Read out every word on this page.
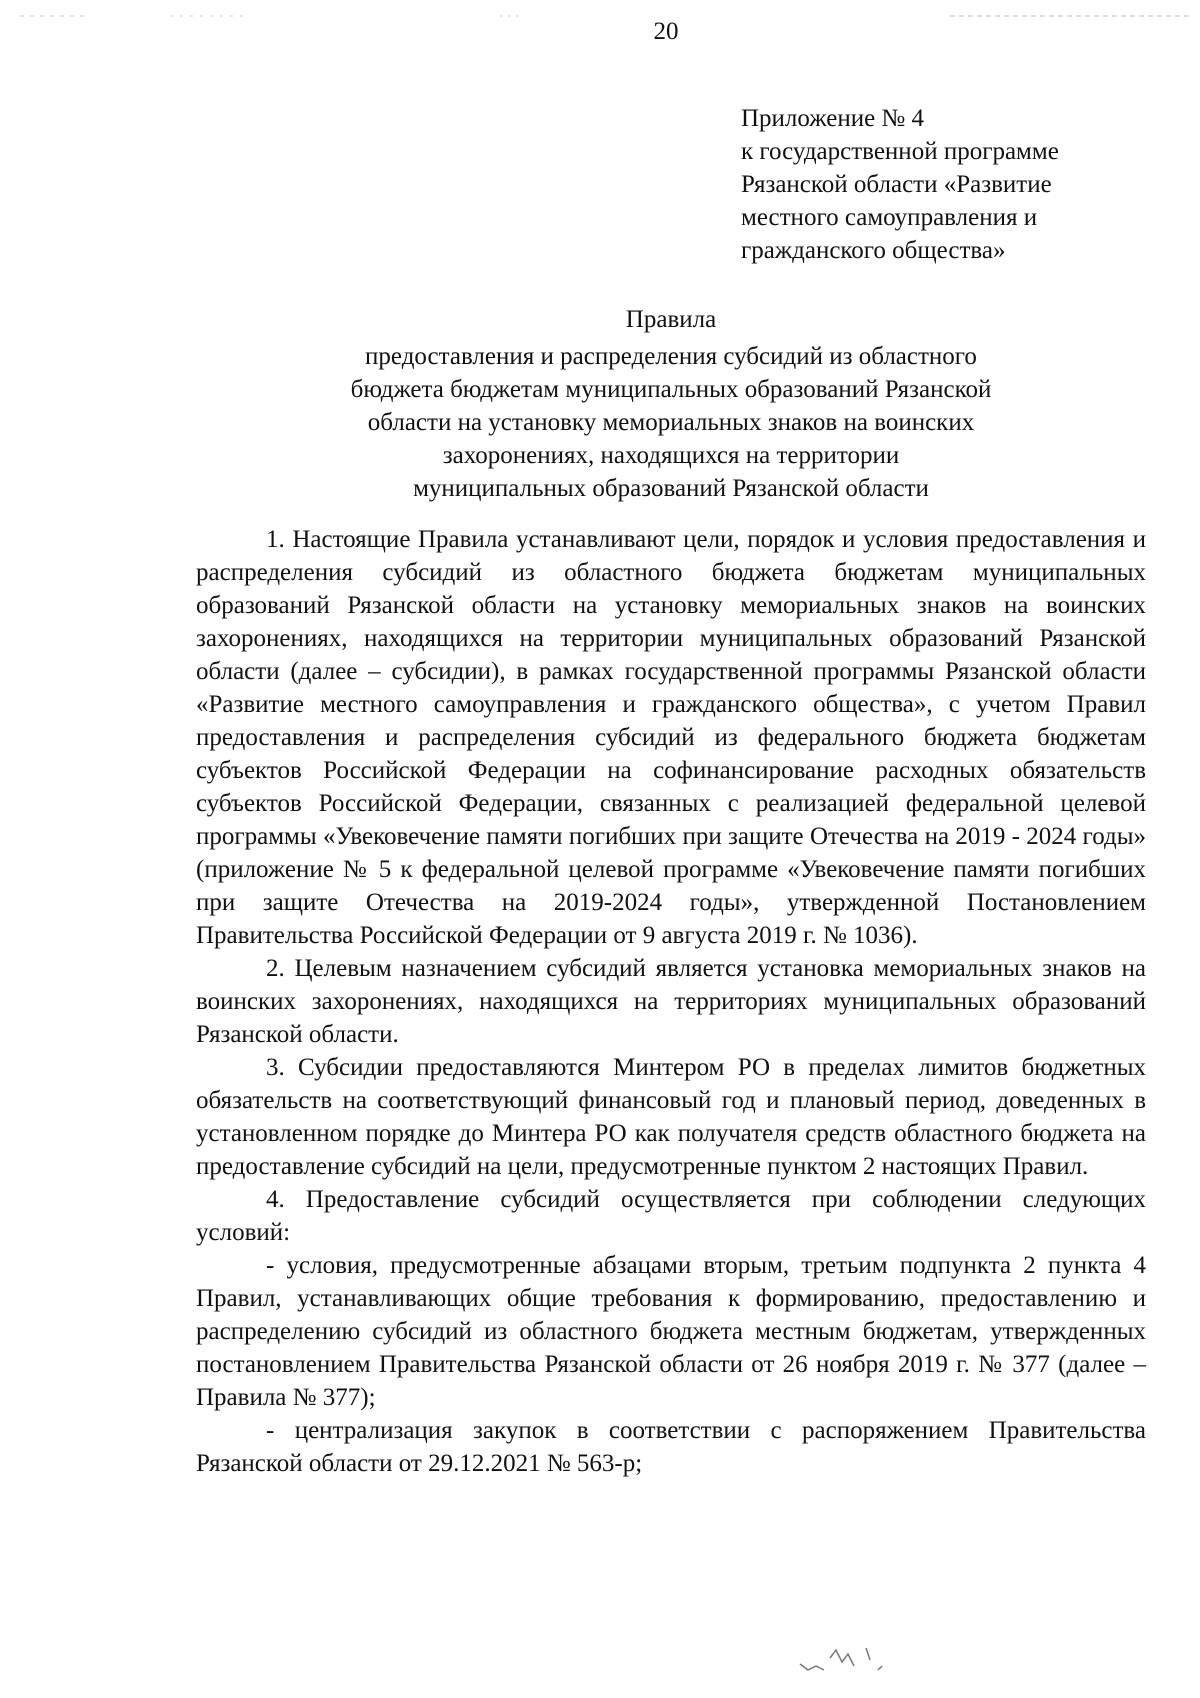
20
Приложение № 4
к государственной программе
Рязанской области «Развитие
местного самоуправления и
гражданского общества»
Правила
предоставления и распределения субсидий из областного
бюджета бюджетам муниципальных образований Рязанской
области на установку мемориальных знаков на воинских
захоронениях, находящихся на территории
муниципальных образований Рязанской области

1. Настоящие Правила устанавливают цели, порядок и условия предоставления и распределения субсидий из областного бюджета бюджетам муниципальных образований Рязанской области на установку мемориальных знаков на воинских захоронениях, находящихся на территории муниципальных образований Рязанской области (далее – субсидии), в рамках государственной программы Рязанской области «Развитие местного самоуправления и гражданского общества», с учетом Правил предоставления и распределения субсидий из федерального бюджета бюджетам субъектов Российской Федерации на софинансирование расходных обязательств субъектов Российской Федерации, связанных с реализацией федеральной целевой программы «Увековечение памяти погибших при защите Отечества на 2019 - 2024 годы» (приложение № 5 к федеральной целевой программе «Увековечение памяти погибших при защите Отечества на 2019-2024 годы», утвержденной Постановлением Правительства Российской Федерации от 9 августа 2019 г. № 1036).

2. Целевым назначением субсидий является установка мемориальных знаков на воинских захоронениях, находящихся на территориях муниципальных образований Рязанской области.

3. Субсидии предоставляются Минтером РО в пределах лимитов бюджетных обязательств на соответствующий финансовый год и плановый период, доведенных в установленном порядке до Минтера РО как получателя средств областного бюджета на предоставление субсидий на цели, предусмотренные пунктом 2 настоящих Правил.

4. Предоставление субсидий осуществляется при соблюдении следующих условий:

- условия, предусмотренные абзацами вторым, третьим подпункта 2 пункта 4 Правил, устанавливающих общие требования к формированию, предоставлению и распределению субсидий из областного бюджета местным бюджетам, утвержденных постановлением Правительства Рязанской области от 26 ноября 2019 г. № 377 (далее – Правила № 377);

- централизация закупок в соответствии с распоряжением Правительства Рязанской области от 29.12.2021 № 563-р;
